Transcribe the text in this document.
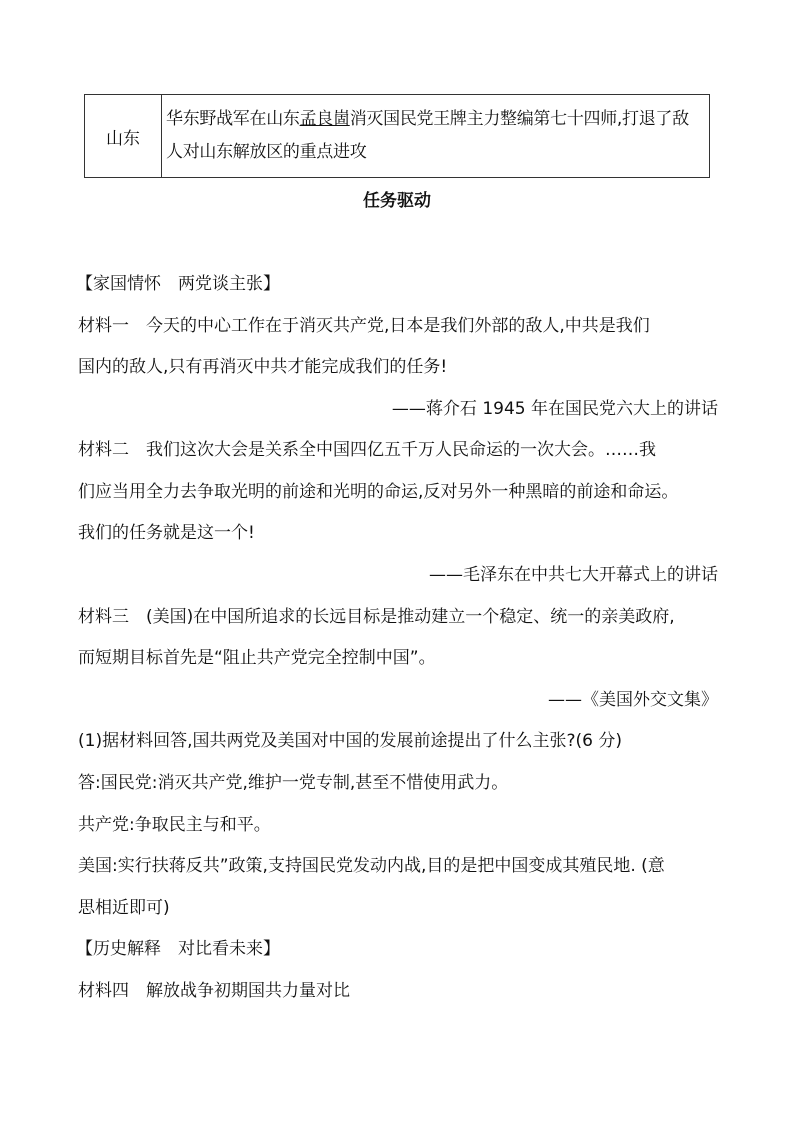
山东	华东野战军在山东孟良崮消灭国民党王牌主力整编第七十四师,打退了敌人对山东解放区的重点进攻
任务驱动
【家国情怀　两党谈主张】
材料一　今天的中心工作在于消灭共产党,日本是我们外部的敌人,中共是我们
国内的敌人,只有再消灭中共才能完成我们的任务!
——蒋介石 1945 年在国民党六大上的讲话
材料二　我们这次大会是关系全中国四亿五千万人民命运的一次大会。……我
们应当用全力去争取光明的前途和光明的命运,反对另外一种黑暗的前途和命运。
我们的任务就是这一个!
——毛泽东在中共七大开幕式上的讲话
材料三　(美国)在中国所追求的长远目标是推动建立一个稳定、统一的亲美政府,
而短期目标首先是“阻止共产党完全控制中国”。
——《美国外交文集》
(1)据材料回答,国共两党及美国对中国的发展前途提出了什么主张?(6 分)
答:国民党:消灭共产党,维护一党专制,甚至不惜使用武力。
共产党:争取民主与和平。
美国:实行扶蒋反共”政策,支持国民党发动内战,目的是把中国变成其殖民地. (意
思相近即可)
【历史解释　对比看未来】
材料四　解放战争初期国共力量对比
